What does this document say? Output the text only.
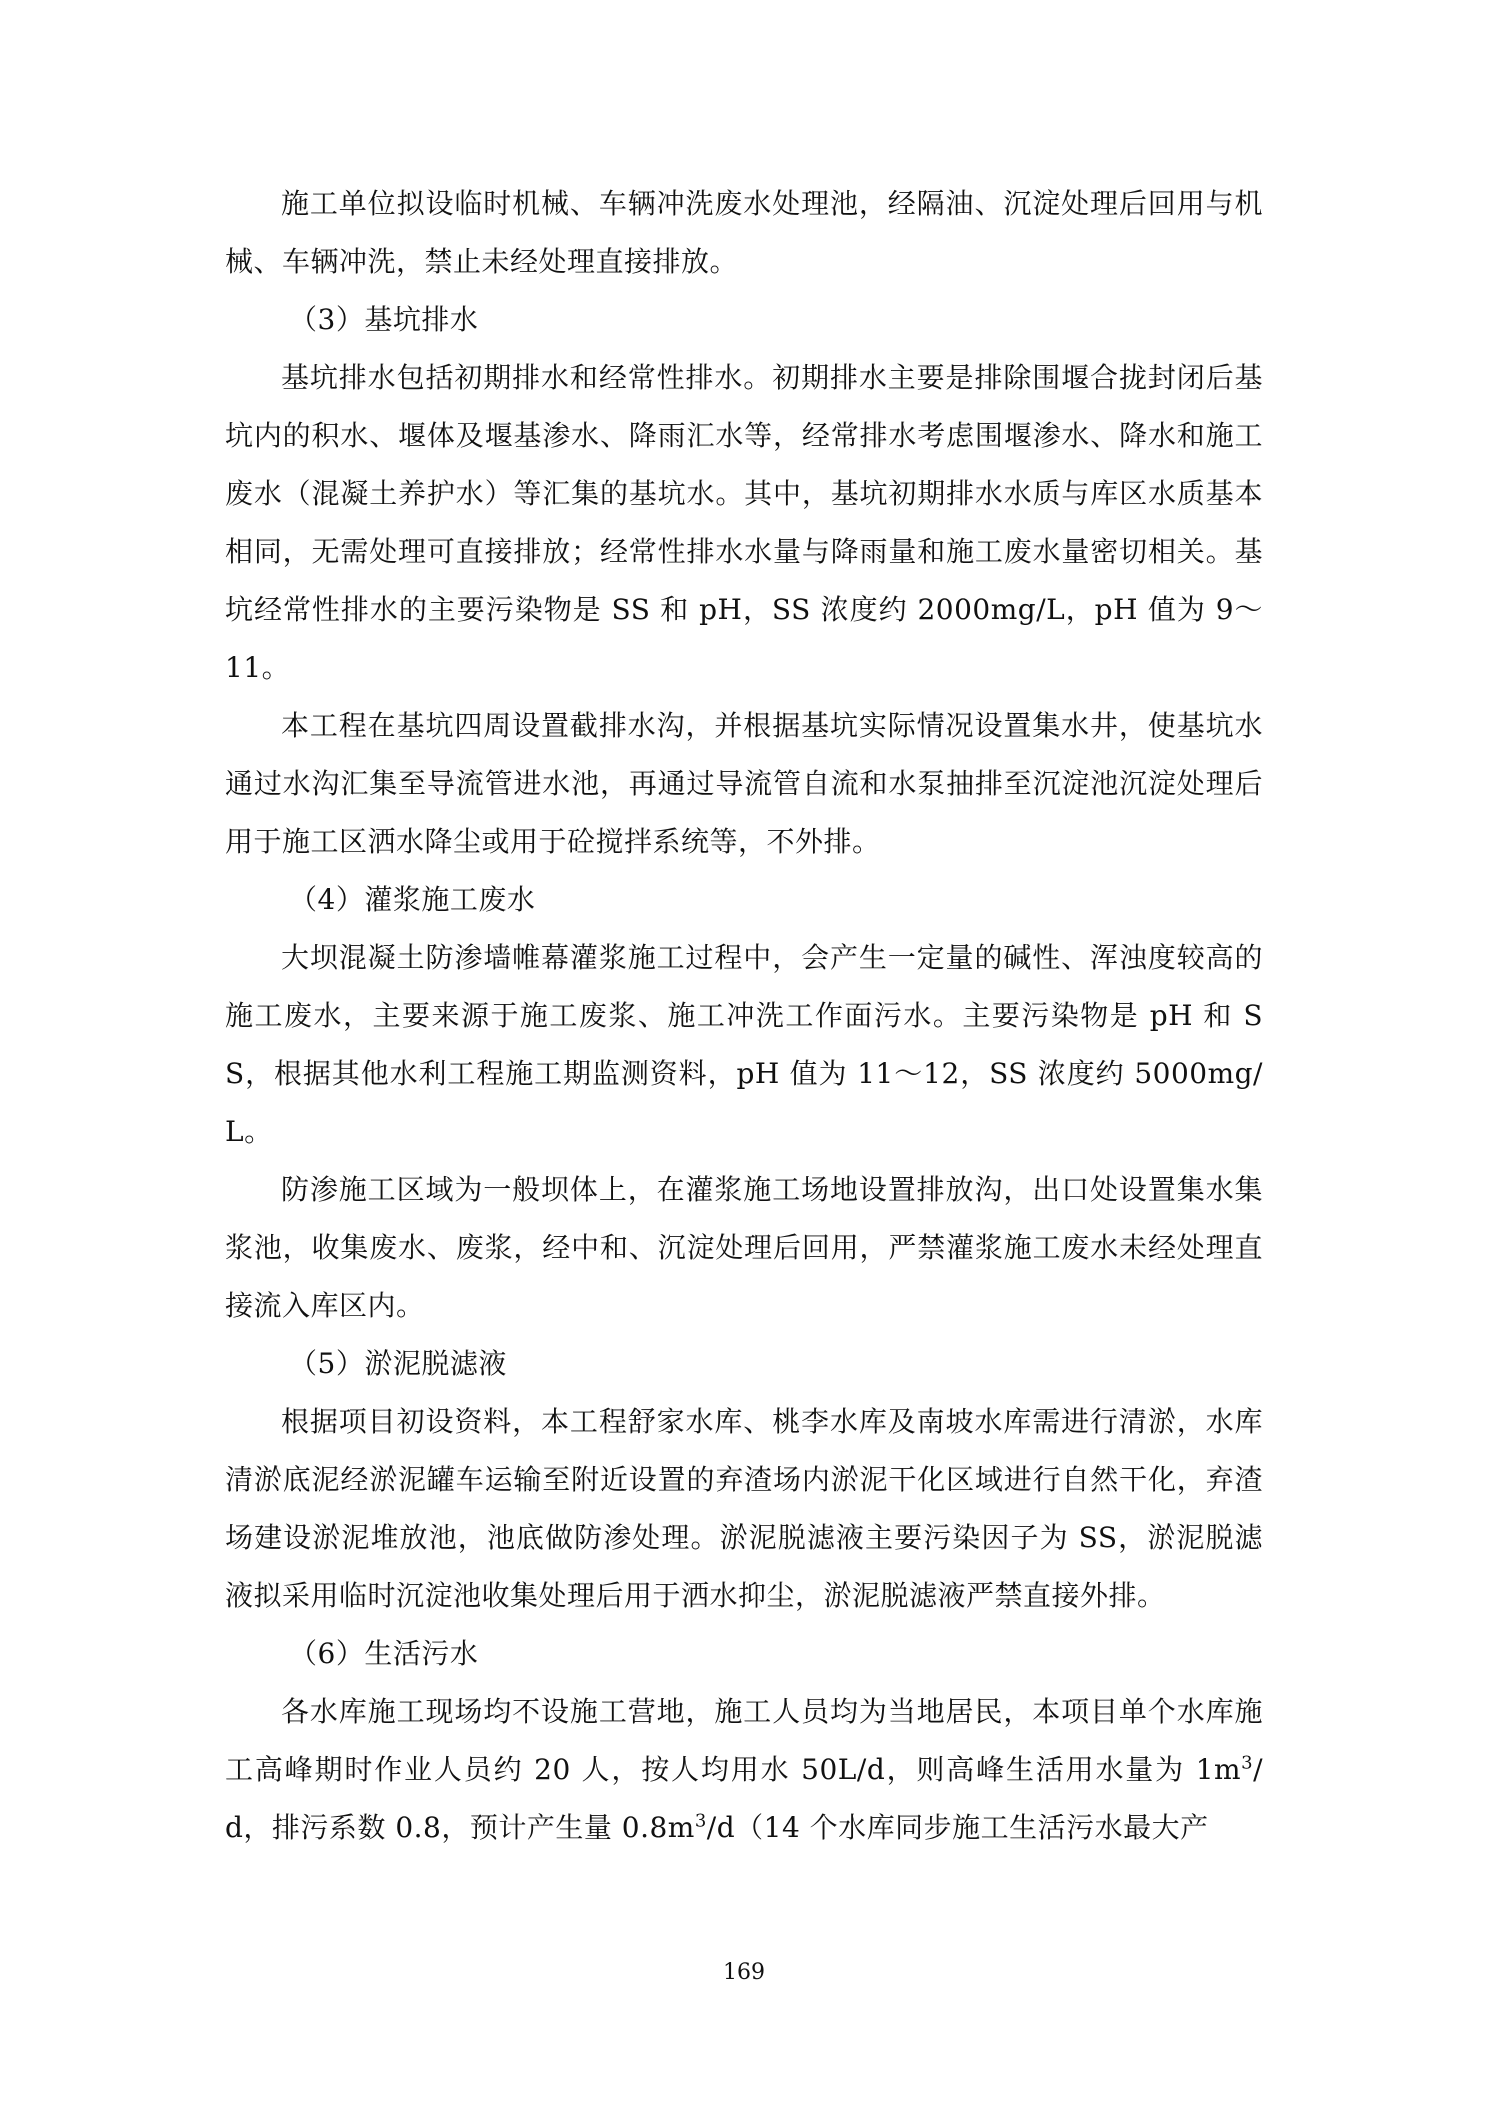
施工单位拟设临时机械、车辆冲洗废水处理池，经隔油、沉淀处理后回用与机械、车辆冲洗，禁止未经处理直接排放。

（3）基坑排水

基坑排水包括初期排水和经常性排水。初期排水主要是排除围堰合拢封闭后基坑内的积水、堰体及堰基渗水、降雨汇水等，经常排水考虑围堰渗水、降水和施工废水（混凝土养护水）等汇集的基坑水。其中，基坑初期排水水质与库区水质基本相同，无需处理可直接排放；经常性排水水量与降雨量和施工废水量密切相关。基坑经常性排水的主要污染物是 SS 和 pH，SS 浓度约 2000mg/L，pH 值为 9～11。

本工程在基坑四周设置截排水沟，并根据基坑实际情况设置集水井，使基坑水通过水沟汇集至导流管进水池，再通过导流管自流和水泵抽排至沉淀池沉淀处理后用于施工区洒水降尘或用于砼搅拌系统等，不外排。

（4）灌浆施工废水

大坝混凝土防渗墙帷幕灌浆施工过程中，会产生一定量的碱性、浑浊度较高的施工废水，主要来源于施工废浆、施工冲洗工作面污水。主要污染物是 pH 和 SS，根据其他水利工程施工期监测资料，pH 值为 11～12，SS 浓度约 5000mg/L。

防渗施工区域为一般坝体上，在灌浆施工场地设置排放沟，出口处设置集水集浆池，收集废水、废浆，经中和、沉淀处理后回用，严禁灌浆施工废水未经处理直接流入库区内。

（5）淤泥脱滤液

根据项目初设资料，本工程舒家水库、桃李水库及南坡水库需进行清淤，水库清淤底泥经淤泥罐车运输至附近设置的弃渣场内淤泥干化区域进行自然干化，弃渣场建设淤泥堆放池，池底做防渗处理。淤泥脱滤液主要污染因子为 SS，淤泥脱滤液拟采用临时沉淀池收集处理后用于洒水抑尘，淤泥脱滤液严禁直接外排。

（6）生活污水

各水库施工现场均不设施工营地，施工人员均为当地居民，本项目单个水库施工高峰期时作业人员约 20 人，按人均用水 50L/d，则高峰生活用水量为 $1m^3/d$，排污系数 0.8，预计产生量 $0.8m^3/d(14$ 个水库同步施工生活污水最大产

169
